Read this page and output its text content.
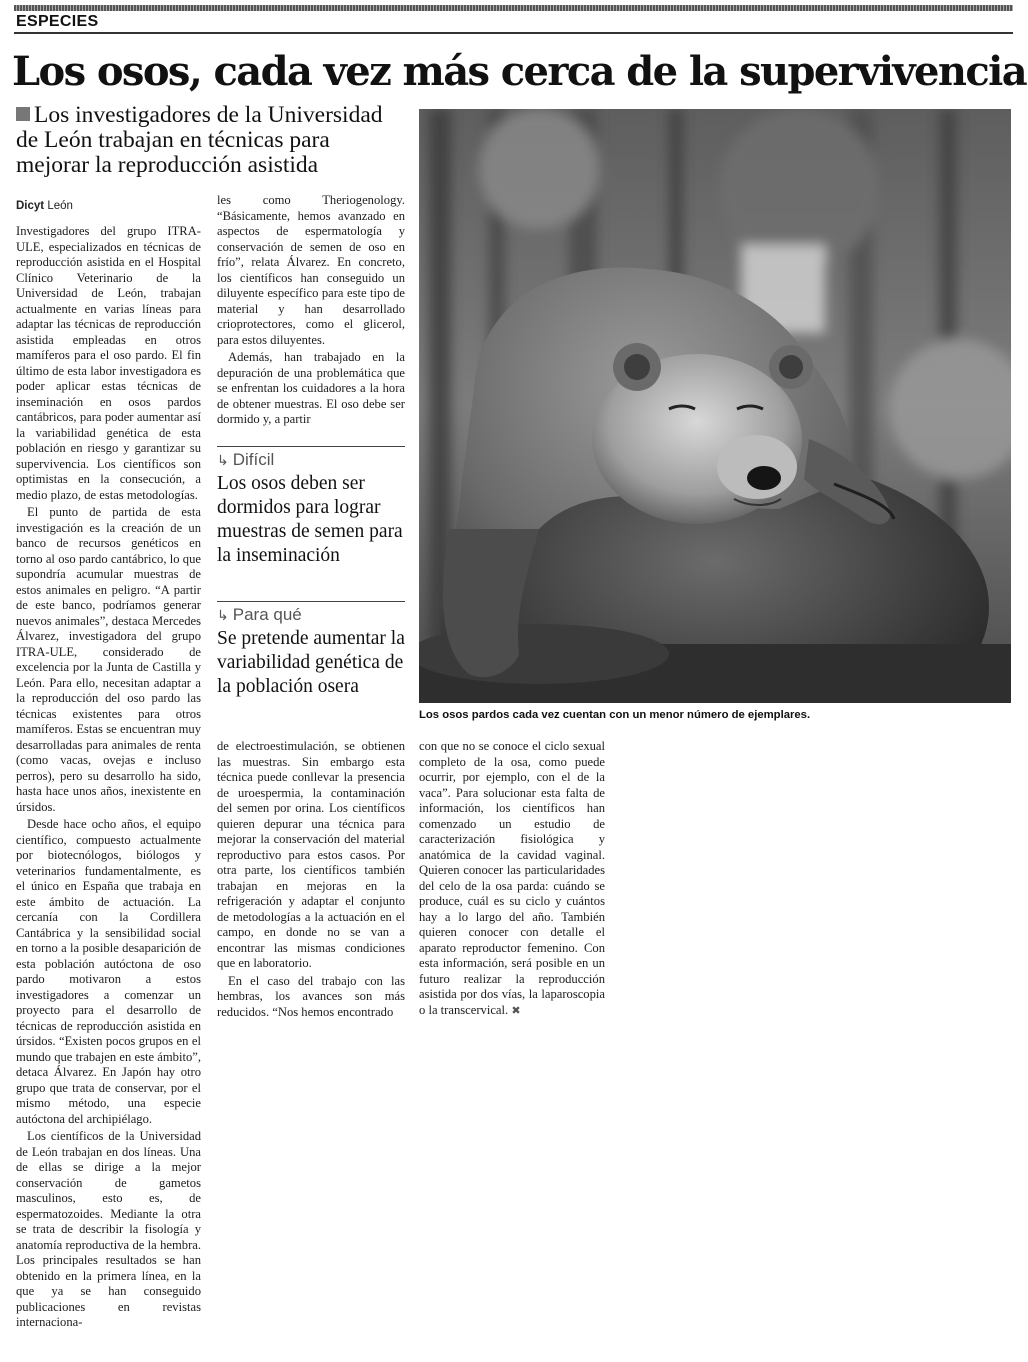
ESPECIES
Los osos, cada vez más cerca de la supervivencia
Los investigadores de la Universidad de León trabajan en técnicas para mejorar la reproducción asistida
Dicyt León

Investigadores del grupo ITRA-ULE, especializados en técnicas de reproducción asistida en el Hospital Clínico Veterinario de la Universidad de León, trabajan actualmente en varias líneas para adaptar las técnicas de reproducción asistida empleadas en otros mamíferos para el oso pardo. El fin último de esta labor investigadora es poder aplicar estas técnicas de inseminación en osos pardos cantábricos, para poder aumentar así la variabilidad genética de esta población en riesgo y garantizar su supervivencia. Los científicos son optimistas en la consecución, a medio plazo, de estas metodologías.

El punto de partida de esta investigación es la creación de un banco de recursos genéticos en torno al oso pardo cantábrico, lo que supondría acumular muestras de estos animales en peligro. “A partir de este banco, podríamos generar nuevos animales”, destaca Mercedes Álvarez, investigadora del grupo ITRA-ULE, considerado de excelencia por la Junta de Castilla y León. Para ello, necesitan adaptar a la reproducción del oso pardo las técnicas existentes para otros mamíferos. Estas se encuentran muy desarrolladas para animales de renta (como vacas, ovejas e incluso perros), pero su desarrollo ha sido, hasta hace unos años, inexistente en úrsidos.

Desde hace ocho años, el equipo científico, compuesto actualmente por biotecnólogos, biólogos y veterinarios fundamentalmente, es el único en España que trabaja en este ámbito de actuación. La cercanía con la Cordillera Cantábrica y la sensibilidad social en torno a la posible desaparición de esta población autóctona de oso pardo motivaron a estos investigadores a comenzar un proyecto para el desarrollo de técnicas de reproducción asistida en úrsidos. “Existen pocos grupos en el mundo que trabajen en este ámbito”, detaca Álvarez. En Japón hay otro grupo que trata de conservar, por el mismo método, una especie autóctona del archipiélago.

Los científicos de la Universidad de León trabajan en dos líneas. Una de ellas se dirige a la mejor conservación de gametos masculinos, esto es, de espermatozoides. Mediante la otra se trata de describir la fisología y anatomía reproductiva de la hembra. Los principales resultados se han obtenido en la primera línea, en la que ya se han conseguido publicaciones en revistas internaciona-

les como Theriogenology. “Básicamente, hemos avanzado en aspectos de espermatología y conservación de semen de oso en frío”, relata Álvarez. En concreto, los científicos han conseguido un diluyente específico para este tipo de material y han desarrollado crioprotectores, como el glicerol, para estos diluyentes.

Además, han trabajado en la depuración de una problemática que se enfrentan los cuidadores a la hora de obtener muestras. El oso debe ser dormido y, a partir

↳ Difícil
Los osos deben ser dormidos para lograr muestras de semen para la inseminación
↳ Para qué
Se pretende aumentar la variabilidad genética de la población osera

de electroestimulación, se obtienen las muestras. Sin embargo esta técnica puede conllevar la presencia de uroespermia, la contaminación del semen por orina. Los científicos quieren depurar una técnica para mejorar la conservación del material reproductivo para estos casos. Por otra parte, los científicos también trabajan en mejoras en la refrigeración y adaptar el conjunto de metodologías a la actuación en el campo, en donde no se van a encontrar las mismas condiciones que en laboratorio.

En el caso del trabajo con las hembras, los avances son más reducidos. “Nos hemos encontrado

con que no se conoce el ciclo sexual completo de la osa, como puede ocurrir, por ejemplo, con el de la vaca”. Para solucionar esta falta de información, los científicos han comenzado un estudio de caracterización fisiológica y anatómica de la cavidad vaginal. Quieren conocer las particularidades del celo de la osa parda: cuándo se produce, cuál es su ciclo y cuántos hay a lo largo del año. También quieren conocer con detalle el aparato reproductor femenino. Con esta información, será posible en un futuro realizar la reproducción asistida por dos vías, la laparoscopia o la transcervical. ✖

Los osos pardos cada vez cuentan con un menor número de ejemplares.
